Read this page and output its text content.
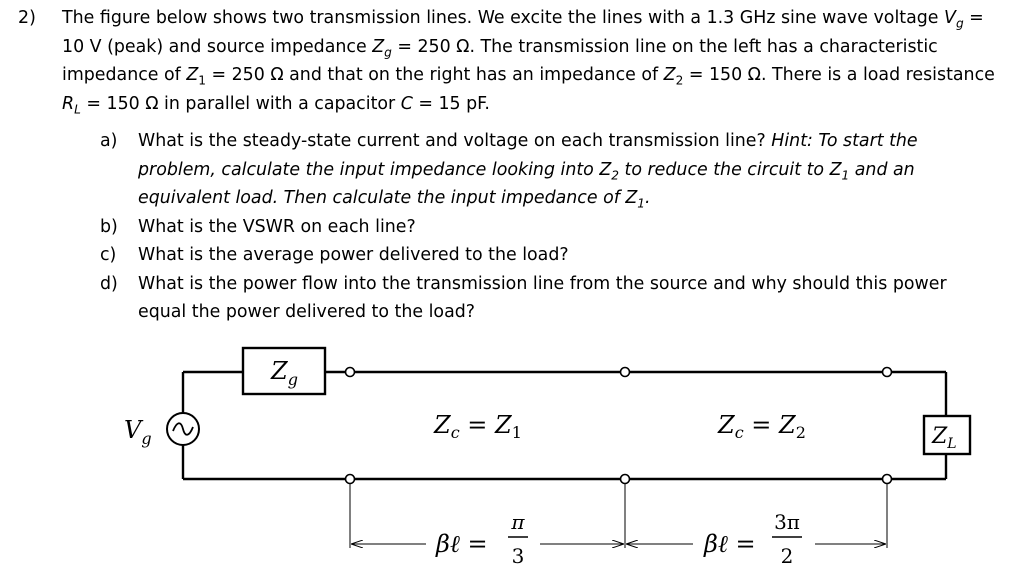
2)	The figure below shows two transmission lines. We excite the lines with a 1.3 GHz sine wave voltage $V_g = 10$ V (peak) and source impedance $Z_g = 250$ Ω. The transmission line on the left has a characteristic impedance of $Z_1 = 250$ Ω and that on the right has an impedance of $Z_2 = 150$ Ω. There is a load resistance $R_L = 150$ Ω in parallel with a capacitor C = 15 pF.
a)	What is the steady-state current and voltage on each transmission line? Hint: To start the problem, calculate the input impedance looking into $Z_2$ to reduce the circuit to $Z_1$ and an equivalent load. Then calculate the input impedance of $Z_1$.
b)	What is the VSWR on each line?
c)	What is the average power delivered to the load?
d)	What is the power flow into the transmission line from the source and why should this power equal the power delivered to the load?
$V_g$
$Z_g$
$Z_c = Z_1$	$Z_c = Z_2$	$Z_L$
βℓ =
π
3	βℓ =
3π
2
